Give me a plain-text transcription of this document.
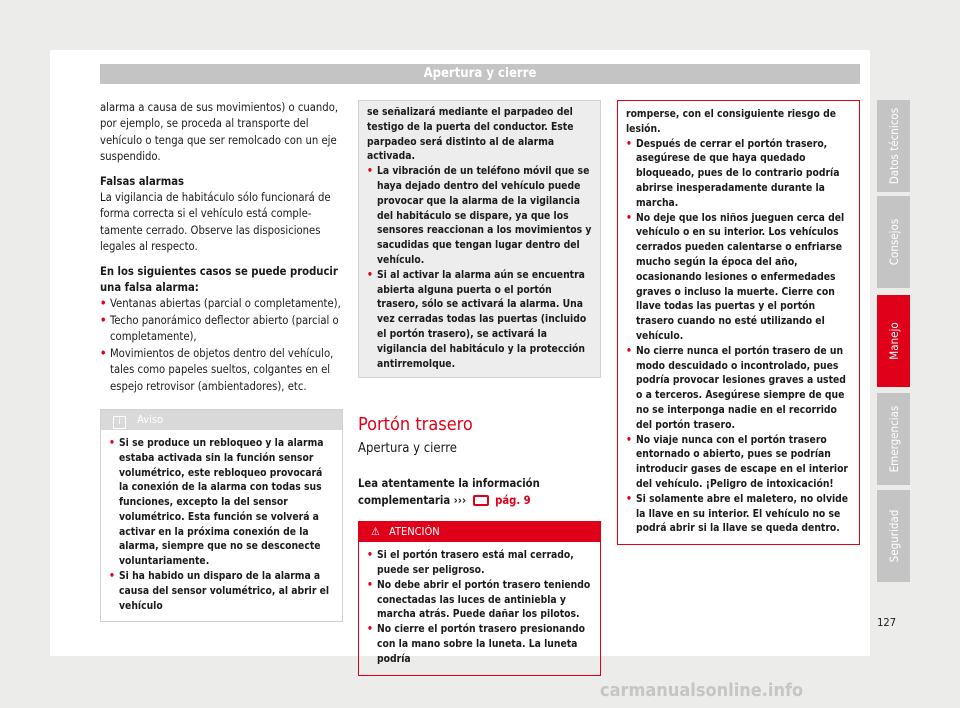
Apertura y cierre

alarma a causa de sus movimientos) o cuando, por ejemplo, se proceda al transporte del vehículo o tenga que ser remolcado con un eje suspendido.

Falsas alarmas

La vigilancia de habitáculo sólo funcionará de forma correcta si el vehículo está completamente cerrado. Observe las disposiciones legales al respecto.

En los siguientes casos se puede producir una falsa alarma:

• Ventanas abiertas (parcial o completamente),
• Techo panorámico deflector abierto (parcial o completamente),
• Movimientos de objetos dentro del vehículo, tales como papeles sueltos, colgantes en el espejo retrovisor (ambientadores), etc.
i Aviso
• Si se produce un rebloqueo y la alarma estaba activada sin la función sensor volumétrico, este rebloqueo provocará la conexión de la alarma con todas sus funciones, excepto la del sensor volumétrico. Esta función se volverá a activar en la próxima conexión de la alarma, siempre que no se desconecte voluntariamente.
• Si ha habido un disparo de la alarma a causa del sensor volumétrico, al abrir el vehículo

se señalizará mediante el parpadeo del testigo de la puerta del conductor. Este parpadeo será distinto al de alarma activada.

• La vibración de un teléfono móvil que se haya dejado dentro del vehículo puede provocar que la alarma de la vigilancia del habitáculo se dispare, ya que los sensores reaccionan a los movimientos y sacudidas que tengan lugar dentro del vehículo.
• Si al activar la alarma aún se encuentra abierta alguna puerta o el portón trasero, sólo se activará la alarma. Una vez cerradas todas las puertas (incluido el portón trasero), se activará la vigilancia del habitáculo y la protección antirremolque.
Portón trasero
Apertura y cierre

Lea atentamente la información complementaria ›››	pág. 9

⚠ ATENCIÓN
• Si el portón trasero está mal cerrado, puede ser peligroso.
• No debe abrir el portón trasero teniendo conectadas las luces de antiniebla y marcha atrás. Puede dañar los pilotos.
• No cierre el portón trasero presionando con la mano sobre la luneta. La luneta podría

romperse, con el consiguiente riesgo de lesión.

• Después de cerrar el portón trasero, asegúrese de que haya quedado bloqueado, pues de lo contrario podría abrirse inesperadamente durante la marcha.
• No deje que los niños jueguen cerca del vehículo o en su interior. Los vehículos cerrados pueden calentarse o enfriarse mucho según la época del año, ocasionando lesiones o enfermedades graves o incluso la muerte. Cierre con llave todas las puertas y el portón trasero cuando no esté utilizando el vehículo.
• No cierre nunca el portón trasero de un modo descuidado o incontrolado, pues podría provocar lesiones graves a usted o a terceros. Asegúrese siempre de que no se interponga nadie en el recorrido del portón trasero.
• No viaje nunca con el portón trasero entornado o abierto, pues se podrían introducir gases de escape en el interior del vehículo. ¡Peligro de intoxicación!
• Si solamente abre el maletero, no olvide la llave en su interior. El vehículo no se podrá abrir si la llave se queda dentro.
Datos técnicos
Consejos
Manejo
Emergencias
Seguridad
127
carmanualsonline.info
